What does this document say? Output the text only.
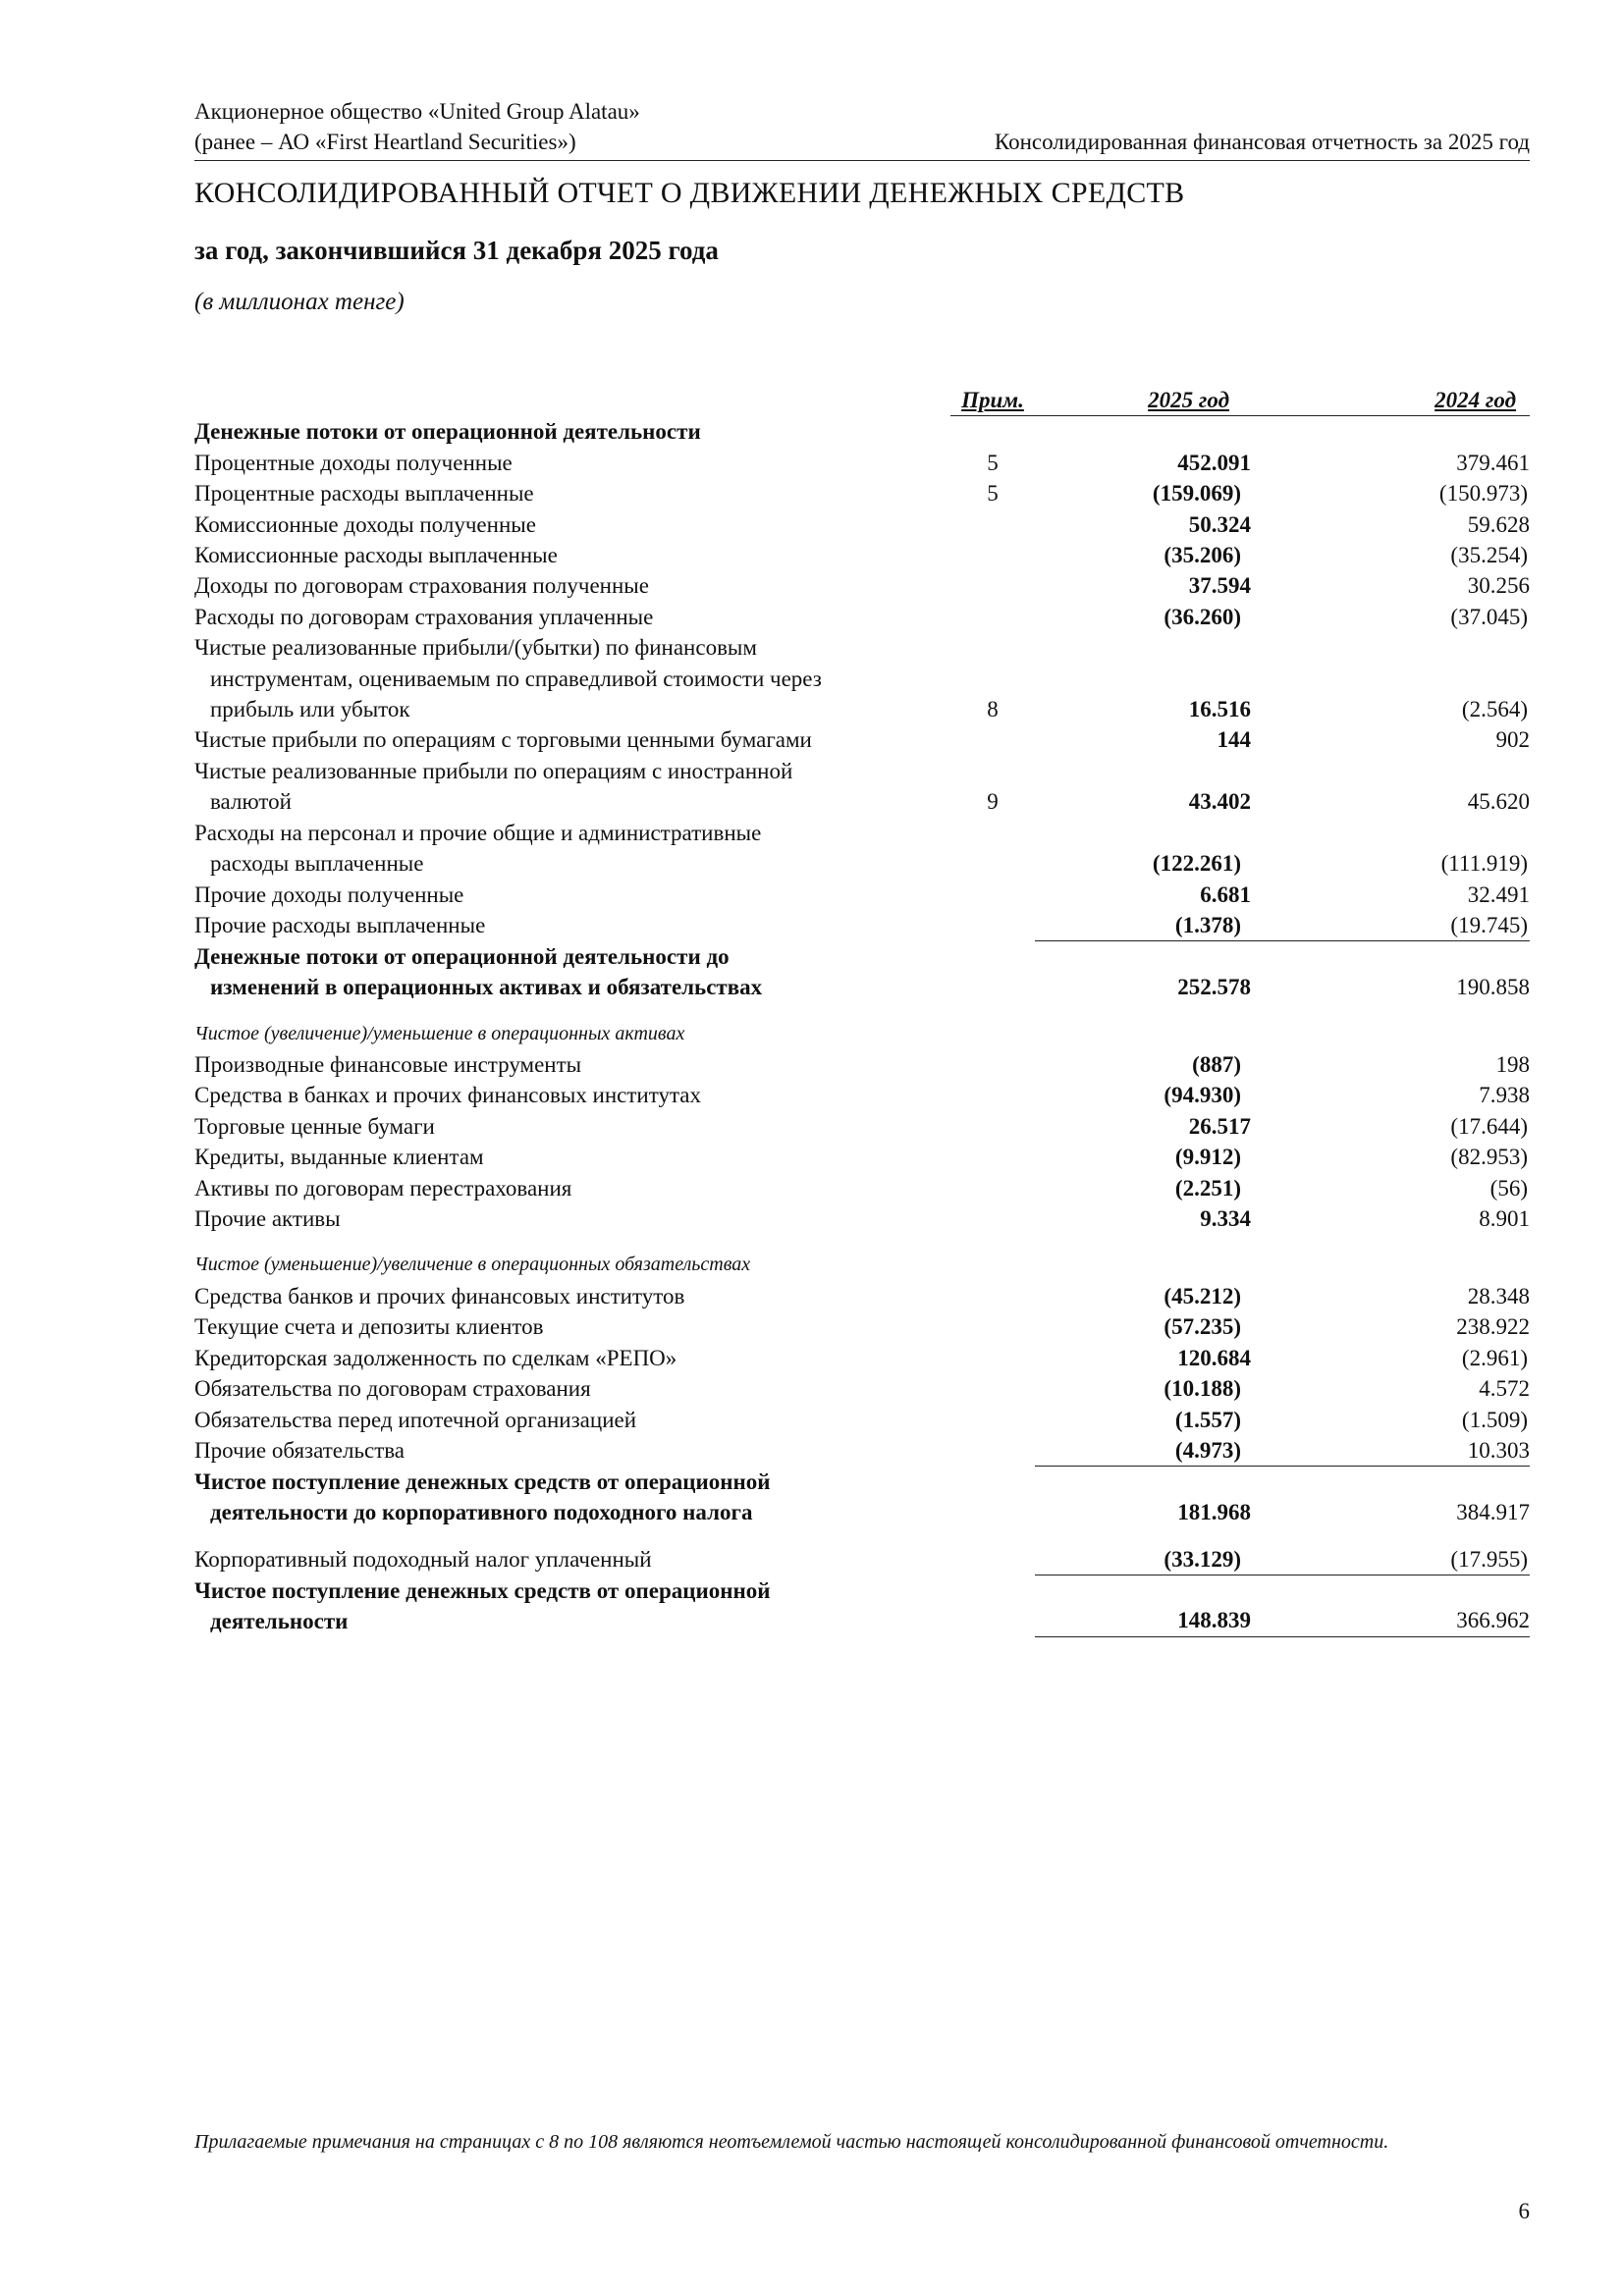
Акционерное общество «United Group Alatau»
(ранее – АО «First Heartland Securities»)	Консолидированная финансовая отчетность за 2025 год
КОНСОЛИДИРОВАННЫЙ ОТЧЕТ О ДВИЖЕНИИ ДЕНЕЖНЫХ СРЕДСТВ
за год, закончившийся 31 декабря 2025 года
(в миллионах тенге)
	Прим.	2025 год	2024 год

Денежные потоки от операционной деятельности			
Процентные доходы полученные	5	452.091	379.461
Процентные расходы выплаченные	5	(159.069)	(150.973)
Комиссионные доходы полученные		50.324	59.628
Комиссионные расходы выплаченные		(35.206)	(35.254)
Доходы по договорам страхования полученные		37.594	30.256
Расходы по договорам страхования уплаченные		(36.260)	(37.045)
Чистые реализованные прибыли/(убытки) по финансовым

инструментам, оцениваемым по справедливой стоимости через
прибыль или убыток	8	16.516	(2.564)
Чистые прибыли по операциям с торговыми ценными бумагами		144	902
Чистые реализованные прибыли по операциям с иностранной

валютой	9	43.402	45.620
Расходы на персонал и прочие общие и административные

расходы выплаченные		(122.261)	(111.919)
Прочие доходы полученные		6.681	32.491
Прочие расходы выплаченные		(1.378)	(19.745)
Денежные потоки от операционной деятельности до

изменений в операционных активах и обязательствах		252.578	190.858

Чистое (увеличение)/уменьшение в операционных активах			
Производные финансовые инструменты		(887)	198
Средства в банках и прочих финансовых институтах		(94.930)	7.938
Торговые ценные бумаги		26.517	(17.644)
Кредиты, выданные клиентам		(9.912)	(82.953)
Активы по договорам перестрахования		(2.251)	(56)
Прочие активы		9.334	8.901

Чистое (уменьшение)/увеличение в операционных обязательствах			
Средства банков и прочих финансовых институтов		(45.212)	28.348
Текущие счета и депозиты клиентов		(57.235)	238.922
Кредиторская задолженность по сделкам «РЕПО»		120.684	(2.961)
Обязательства по договорам страхования		(10.188)	4.572
Обязательства перед ипотечной организацией		(1.557)	(1.509)
Прочие обязательства		(4.973)	10.303
Чистое поступление денежных средств от операционной

деятельности до корпоративного подоходного налога		181.968	384.917

Корпоративный подоходный налог уплаченный		(33.129)	(17.955)
Чистое поступление денежных средств от операционной

деятельности		148.839	366.962
Прилагаемые примечания на страницах с 8 по 108 являются неотъемлемой частью настоящей консолидированной финансовой отчетности.
6
